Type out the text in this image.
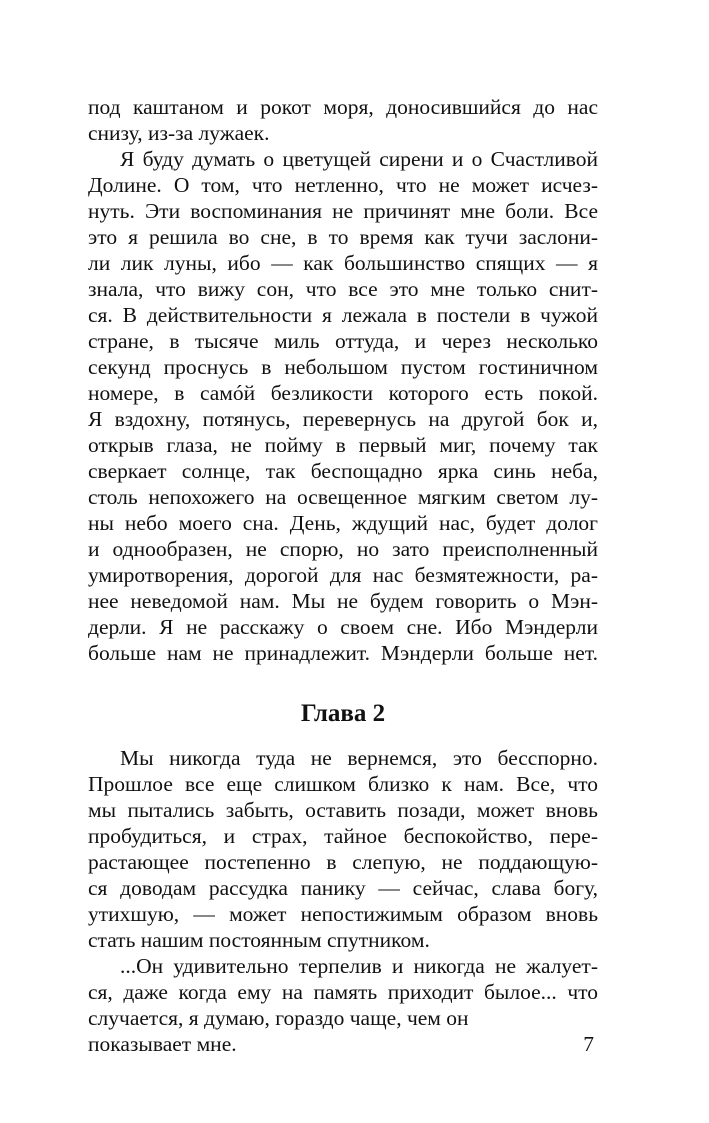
под каштаном и рокот моря, доносившийся до нас
снизу, из-за лужаек.
Я буду думать о цветущей сирени и о Счастливой
Долине. О том, что нетленно, что не может исчез-
нуть. Эти воспоминания не причинят мне боли. Все
это я решила во сне, в то время как тучи заслони-
ли лик луны, ибо — как большинство спящих — я
знала, что вижу сон, что все это мне только снит-
ся. В действительности я лежала в постели в чужой
стране, в тысяче миль оттуда, и через несколько
секунд проснусь в небольшом пустом гостиничном
номере, в самóй безликости которого есть покой.
Я вздохну, потянусь, перевернусь на другой бок и,
открыв глаза, не пойму в первый миг, почему так
сверкает солнце, так беспощадно ярка синь неба,
столь непохожего на освещенное мягким светом лу-
ны небо моего сна. День, ждущий нас, будет долог
и однообразен, не спорю, но зато преисполненный
умиротворения, дорогой для нас безмятежности, ра-
нее неведомой нам. Мы не будем говорить о Мэн-
дерли. Я не расскажу о своем сне. Ибо Мэндерли
больше нам не принадлежит. Мэндерли больше нет.
Глава 2
Мы никогда туда не вернемся, это бесспорно.
Прошлое все еще слишком близко к нам. Все, что
мы пытались забыть, оставить позади, может вновь
пробудиться, и страх, тайное беспокойство, пере-
растающее постепенно в слепую, не поддающую-
ся доводам рассудка панику — сейчас, слава богу,
утихшую, — может непостижимым образом вновь
стать нашим постоянным спутником.
...Он удивительно терпелив и никогда не жалует-
ся, даже когда ему на память приходит былое... что
случается, я думаю, гораздо чаще, чем он
показывает мне.	7
